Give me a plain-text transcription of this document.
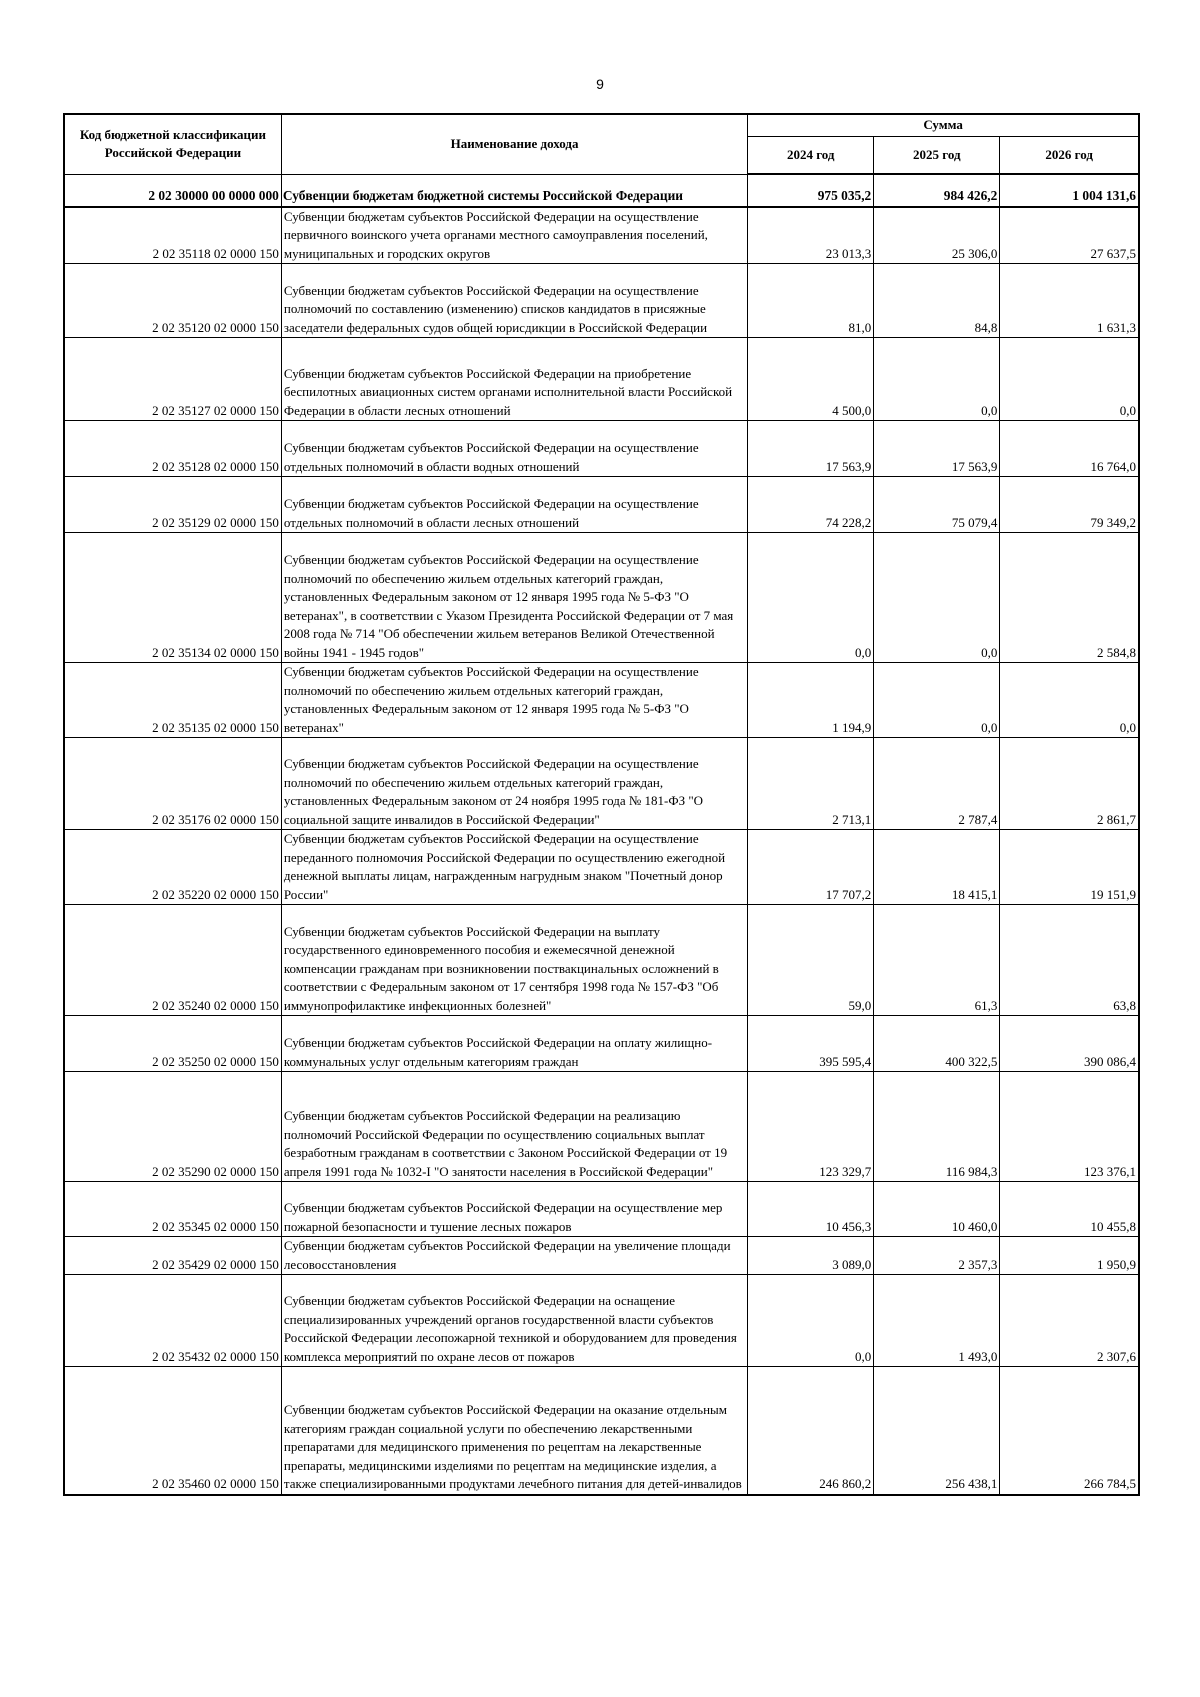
9
Код бюджетной классификации Российской Федерации	Наименование дохода	Сумма		
		2024 год	2025 год	2026 год

2 02 30000 00 0000 000	Субвенции бюджетам бюджетной системы Российской Федерации	975 035,2	984 426,2	1 004 131,6
2 02 35118 02 0000 150	Субвенции бюджетам субъектов Российской Федерации на осуществление первичного воинского учета органами местного самоуправления поселений, муниципальных и городских округов	23 013,3	25 306,0	27 637,5
2 02 35120 02 0000 150	Субвенции бюджетам субъектов Российской Федерации на осуществление полномочий по составлению (изменению) списков кандидатов в присяжные заседатели федеральных судов общей юрисдикции в Российской Федерации	81,0	84,8	1 631,3
2 02 35127 02 0000 150	Субвенции бюджетам субъектов Российской Федерации на приобретение беспилотных авиационных систем органами исполнительной власти Российской Федерации в области лесных отношений	4 500,0	0,0	0,0
2 02 35128 02 0000 150	Субвенции бюджетам субъектов Российской Федерации на осуществление отдельных полномочий в области водных отношений	17 563,9	17 563,9	16 764,0
2 02 35129 02 0000 150	Субвенции бюджетам субъектов Российской Федерации на осуществление отдельных полномочий в области лесных отношений	74 228,2	75 079,4	79 349,2
2 02 35134 02 0000 150	Субвенции бюджетам субъектов Российской Федерации на осуществление полномочий по обеспечению жильем отдельных категорий граждан, установленных Федеральным законом от 12 января 1995 года № 5-ФЗ "О ветеранах", в соответствии с Указом Президента Российской Федерации от 7 мая 2008 года № 714 "Об обеспечении жильем ветеранов Великой Отечественной войны 1941 - 1945 годов"	0,0	0,0	2 584,8
2 02 35135 02 0000 150	Субвенции бюджетам субъектов Российской Федерации на осуществление полномочий по обеспечению жильем отдельных категорий граждан, установленных Федеральным законом от 12 января 1995 года № 5-ФЗ "О ветеранах"	1 194,9	0,0	0,0
2 02 35176 02 0000 150	Субвенции бюджетам субъектов Российской Федерации на осуществление полномочий по обеспечению жильем отдельных категорий граждан, установленных Федеральным законом от 24 ноября 1995 года № 181-ФЗ "О социальной защите инвалидов в Российской Федерации"	2 713,1	2 787,4	2 861,7
2 02 35220 02 0000 150	Субвенции бюджетам субъектов Российской Федерации на осуществление переданного полномочия Российской Федерации по осуществлению ежегодной денежной выплаты лицам, награжденным нагрудным знаком "Почетный донор России"	17 707,2	18 415,1	19 151,9
2 02 35240 02 0000 150	Субвенции бюджетам субъектов Российской Федерации на выплату государственного единовременного пособия и ежемесячной денежной компенсации гражданам при возникновении поствакцинальных осложнений в соответствии с Федеральным законом от 17 сентября 1998 года № 157-ФЗ "Об иммунопрофилактике инфекционных болезней"	59,0	61,3	63,8
2 02 35250 02 0000 150	Субвенции бюджетам субъектов Российской Федерации на оплату жилищно-коммунальных услуг отдельным категориям граждан	395 595,4	400 322,5	390 086,4
2 02 35290 02 0000 150	Субвенции бюджетам субъектов Российской Федерации на реализацию полномочий Российской Федерации по осуществлению социальных выплат безработным гражданам в соответствии с Законом Российской Федерации от 19 апреля 1991 года № 1032-I "О занятости населения в Российской Федерации"	123 329,7	116 984,3	123 376,1
2 02 35345 02 0000 150	Субвенции бюджетам субъектов Российской Федерации на осуществление мер пожарной безопасности и тушение лесных пожаров	10 456,3	10 460,0	10 455,8
2 02 35429 02 0000 150	Субвенции бюджетам субъектов Российской Федерации на увеличение площади лесовосстановления	3 089,0	2 357,3	1 950,9
2 02 35432 02 0000 150	Субвенции бюджетам субъектов Российской Федерации на оснащение специализированных учреждений органов государственной власти субъектов Российской Федерации лесопожарной техникой и оборудованием для проведения комплекса мероприятий по охране лесов от пожаров	0,0	1 493,0	2 307,6
2 02 35460 02 0000 150	Субвенции бюджетам субъектов Российской Федерации на оказание отдельным категориям граждан социальной услуги по обеспечению лекарственными препаратами для медицинского применения по рецептам на лекарственные препараты, медицинскими изделиями по рецептам на медицинские изделия, а также специализированными продуктами лечебного питания для детей-инвалидов	246 860,2	256 438,1	266 784,5
